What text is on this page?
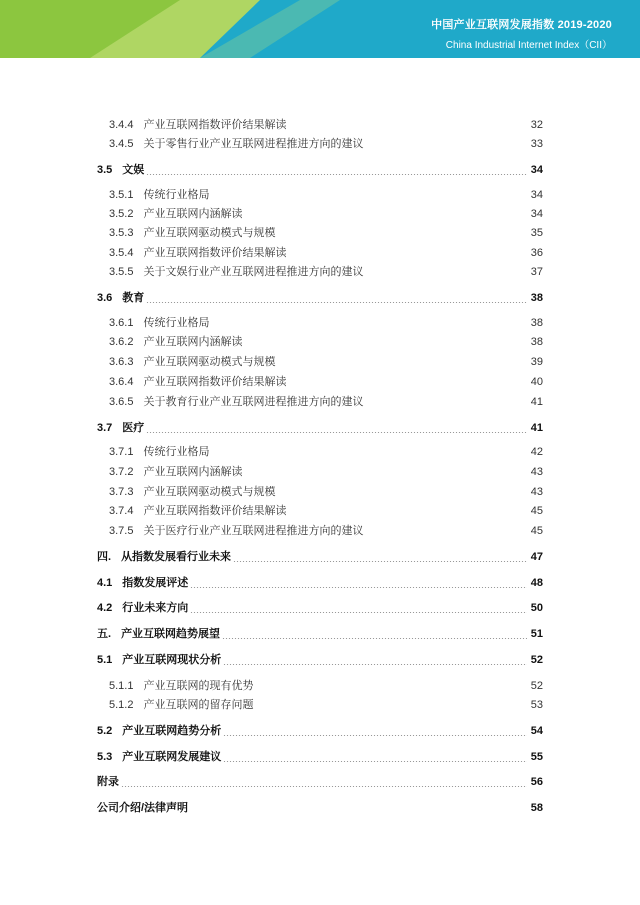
中国产业互联网发展指数 2019-2020
China Industrial Internet Index（CII）
3.4.4 产业互联网指数评价结果解读	32
3.4.5 关于零售行业产业互联网进程推进方向的建议	33
3.5 文娱	34
3.5.1 传统行业格局	34
3.5.2 产业互联网内涵解读	34
3.5.3 产业互联网驱动模式与规模	35
3.5.4 产业互联网指数评价结果解读	36
3.5.5 关于文娱行业产业互联网进程推进方向的建议	37
3.6 教育	38
3.6.1 传统行业格局	38
3.6.2 产业互联网内涵解读	38
3.6.3 产业互联网驱动模式与规模	39
3.6.4 产业互联网指数评价结果解读	40
3.6.5 关于教育行业产业互联网进程推进方向的建议	41
3.7 医疗	41
3.7.1 传统行业格局	42
3.7.2 产业互联网内涵解读	43
3.7.3 产业互联网驱动模式与规模	43
3.7.4 产业互联网指数评价结果解读	45
3.7.5 关于医疗行业产业互联网进程推进方向的建议	45
四. 从指数发展看行业未来	47
4.1 指数发展评述	48
4.2 行业未来方向	50
五. 产业互联网趋势展望	51
5.1 产业互联网现状分析	52
5.1.1 产业互联网的现有优势	52
5.1.2 产业互联网的留存问题	53
5.2 产业互联网趋势分析	54
5.3 产业互联网发展建议	55
附录	56
公司介绍/法律声明	58
